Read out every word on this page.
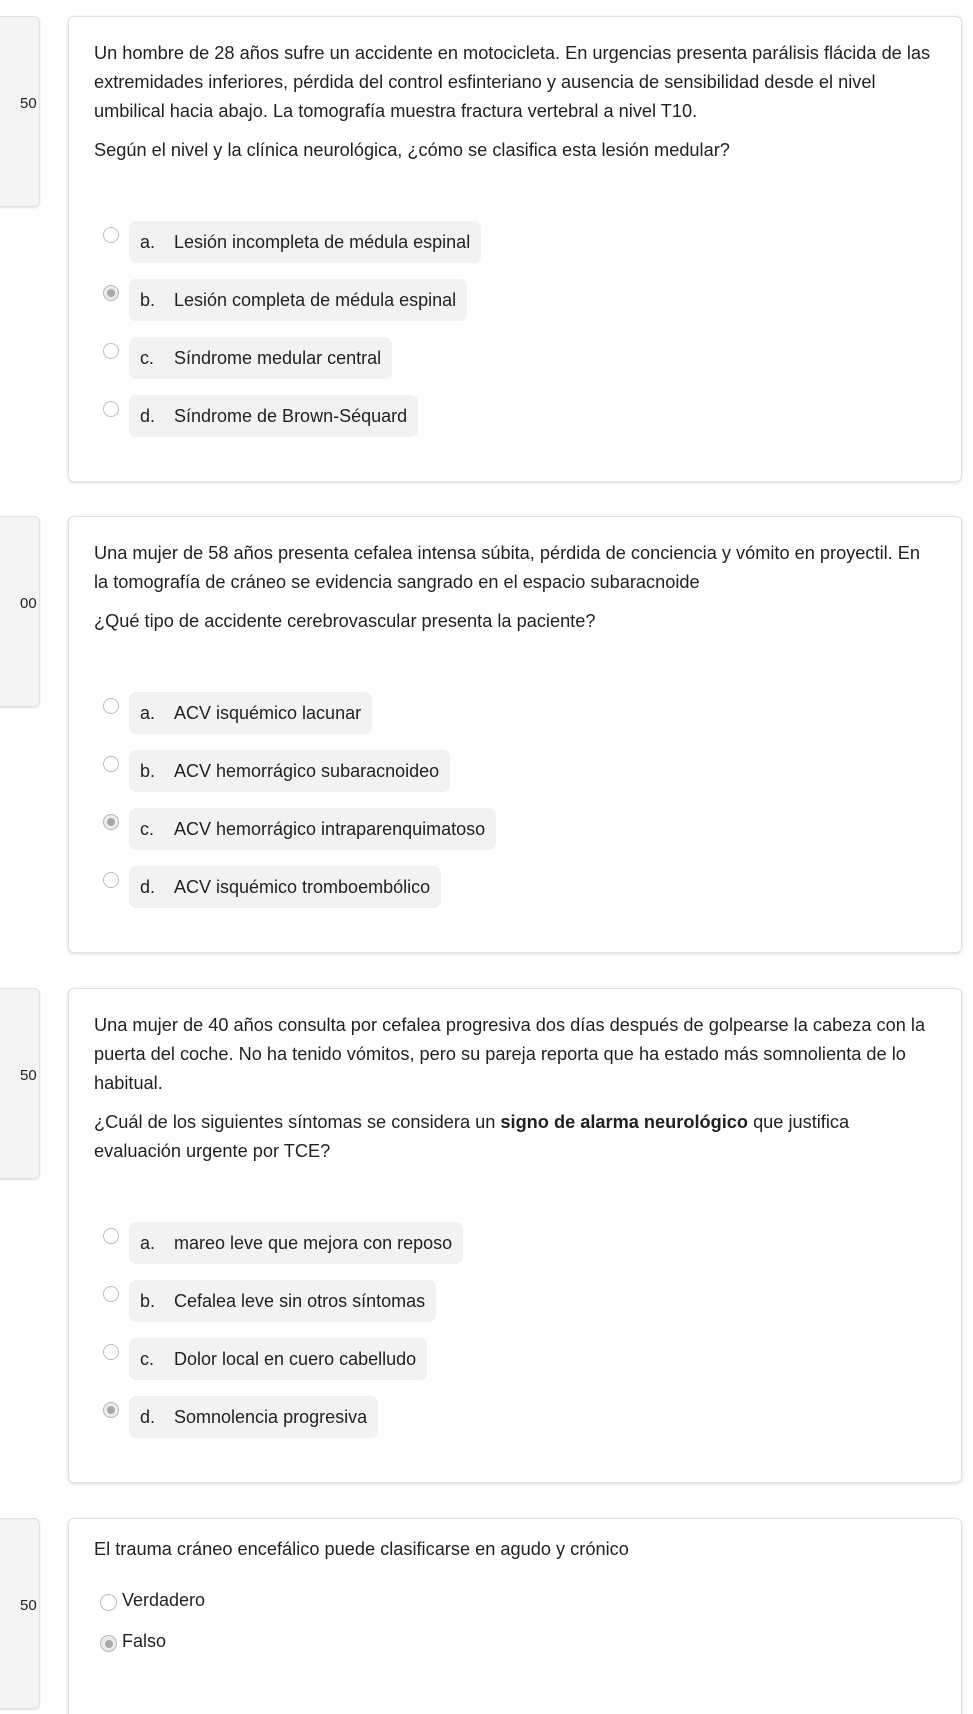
50

Un hombre de 28 años sufre un accidente en motocicleta. En urgencias presenta parálisis flácida de las extremidades inferiores, pérdida del control esfinteriano y ausencia de sensibilidad desde el nivel umbilical hacia abajo. La tomografía muestra fractura vertebral a nivel T10.

Según el nivel y la clínica neurológica, ¿cómo se clasifica esta lesión medular?

a.	Lesión incompleta de médula espinal
b.	Lesión completa de médula espinal
c.	Síndrome medular central
d.	Síndrome de Brown-Séquard
00

Una mujer de 58 años presenta cefalea intensa súbita, pérdida de conciencia y vómito en proyectil. En la tomografía de cráneo se evidencia sangrado en el espacio subaracnoide

¿Qué tipo de accidente cerebrovascular presenta la paciente?

a.	ACV isquémico lacunar
b.	ACV hemorrágico subaracnoideo
c.	ACV hemorrágico intraparenquimatoso
d.	ACV isquémico tromboembólico
50

Una mujer de 40 años consulta por cefalea progresiva dos días después de golpearse la cabeza con la puerta del coche. No ha tenido vómitos, pero su pareja reporta que ha estado más somnolienta de lo habitual.

¿Cuál de los siguientes síntomas se considera un signo de alarma neurológico que justifica evaluación urgente por TCE?

a.	mareo leve que mejora con reposo
b.	Cefalea leve sin otros síntomas
c.	Dolor local en cuero cabelludo
d.	Somnolencia progresiva
50

El trauma cráneo encefálico puede clasificarse en agudo y crónico

Verdadero
Falso
